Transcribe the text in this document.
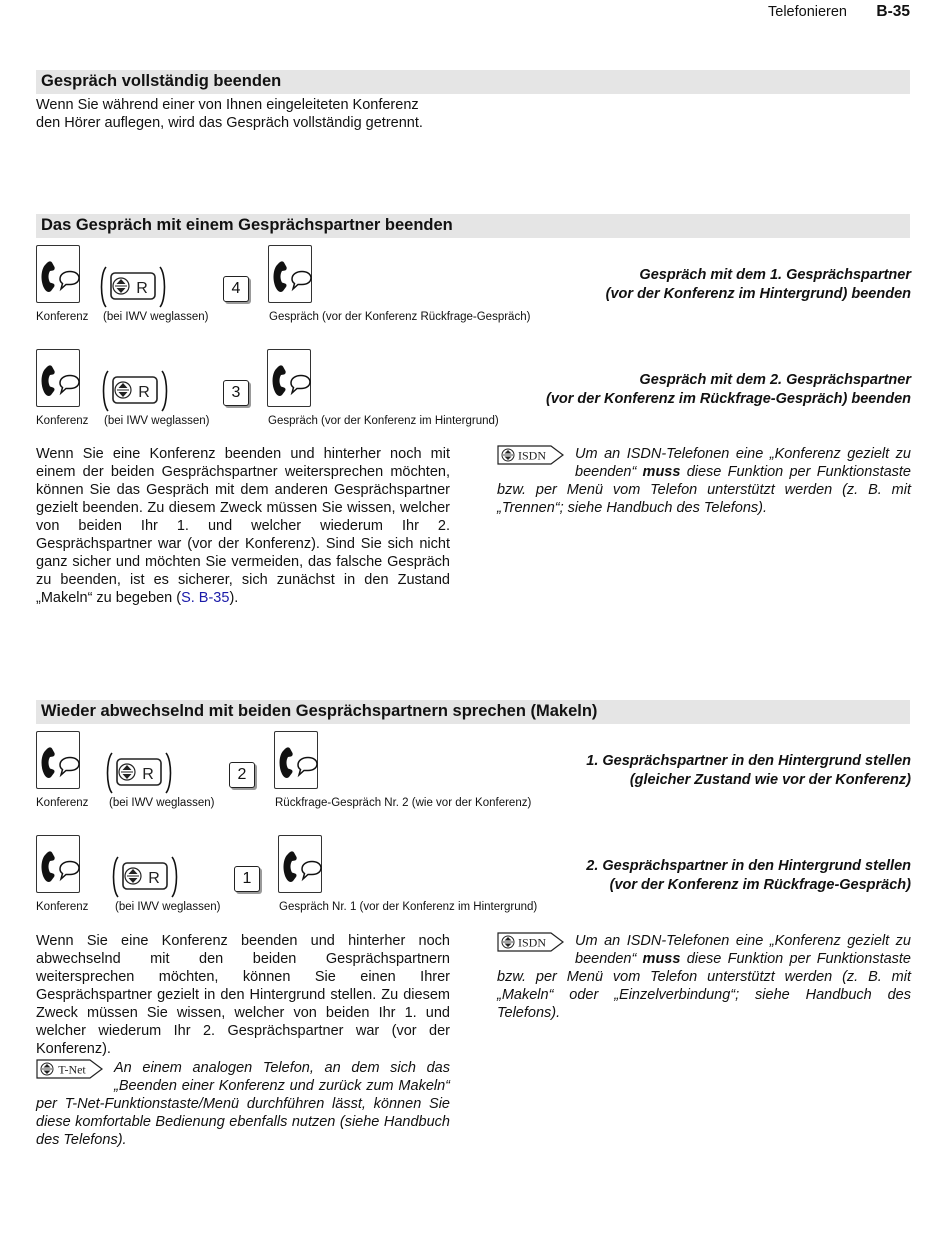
Telefonieren B-35
Gespräch vollständig beenden
Wenn Sie während einer von Ihnen eingeleiteten Konferenz
den Hörer auflegen, wird das Gespräch vollständig getrennt.
Das Gespräch mit einem Gesprächspartner beenden
4
Konferenz (bei IWV weglassen)	Gespräch (vor der Konferenz Rückfrage-Gespräch)
Gespräch mit dem 1. Gesprächspartner
(vor der Konferenz im Hintergrund) beenden
3
Konferenz (bei IWV weglassen)	Gespräch (vor der Konferenz im Hintergrund)
Gespräch mit dem 2. Gesprächspartner
(vor der Konferenz im Rückfrage-Gespräch) beenden
Wenn Sie eine Konferenz beenden und hinterher noch mit einem der beiden Gesprächspartner weitersprechen möchten, können Sie das Gespräch mit dem anderen Gesprächspartner gezielt beenden. Zu diesem Zweck müssen Sie wissen, welcher von beiden Ihr 1. und welcher wiederum Ihr 2. Gesprächspartner war (vor der Konferenz). Sind Sie sich nicht ganz sicher und möchten Sie vermeiden, das falsche Gespräch zu beenden, ist es sicherer, sich zunächst in den Zustand „Makeln“ zu begeben (S. B-35).
ISDN Um an ISDN-Telefonen eine „Konferenz gezielt zu beenden“ muss diese Funktion per Funktionstaste bzw. per Menü vom Telefon unterstützt werden (z. B. mit „Trennen“; siehe Handbuch des Telefons).
Wieder abwechselnd mit beiden Gesprächspartnern sprechen (Makeln)
2
Konferenz (bei IWV weglassen)	Rückfrage-Gespräch Nr. 2 (wie vor der Konferenz)
1. Gesprächspartner in den Hintergrund stellen
(gleicher Zustand wie vor der Konferenz)
1
Konferenz (bei IWV weglassen)	Gespräch Nr. 1 (vor der Konferenz im Hintergrund)
2. Gesprächspartner in den Hintergrund stellen
(vor der Konferenz im Rückfrage-Gespräch)
Wenn Sie eine Konferenz beenden und hinterher noch abwechselnd mit den beiden Gesprächspartnern weitersprechen möchten, können Sie einen Ihrer Gesprächspartner gezielt in den Hintergrund stellen. Zu diesem Zweck müssen Sie wissen, welcher von beiden Ihr 1. und welcher wiederum Ihr 2. Gesprächspartner war (vor der Konferenz).
ISDN Um an ISDN-Telefonen eine „Konferenz gezielt zu beenden“ muss diese Funktion per Funktionstaste bzw. per Menü vom Telefon unterstützt werden (z. B. mit „Makeln“ oder „Einzelverbindung“; siehe Handbuch des Telefons).
T-Net An einem analogen Telefon, an dem sich das „Beenden einer Konferenz und zurück zum Makeln“ per T-Net-Funktionstaste/Menü durchführen lässt, können Sie diese komfortable Bedienung ebenfalls nutzen (siehe Handbuch des Telefons).
